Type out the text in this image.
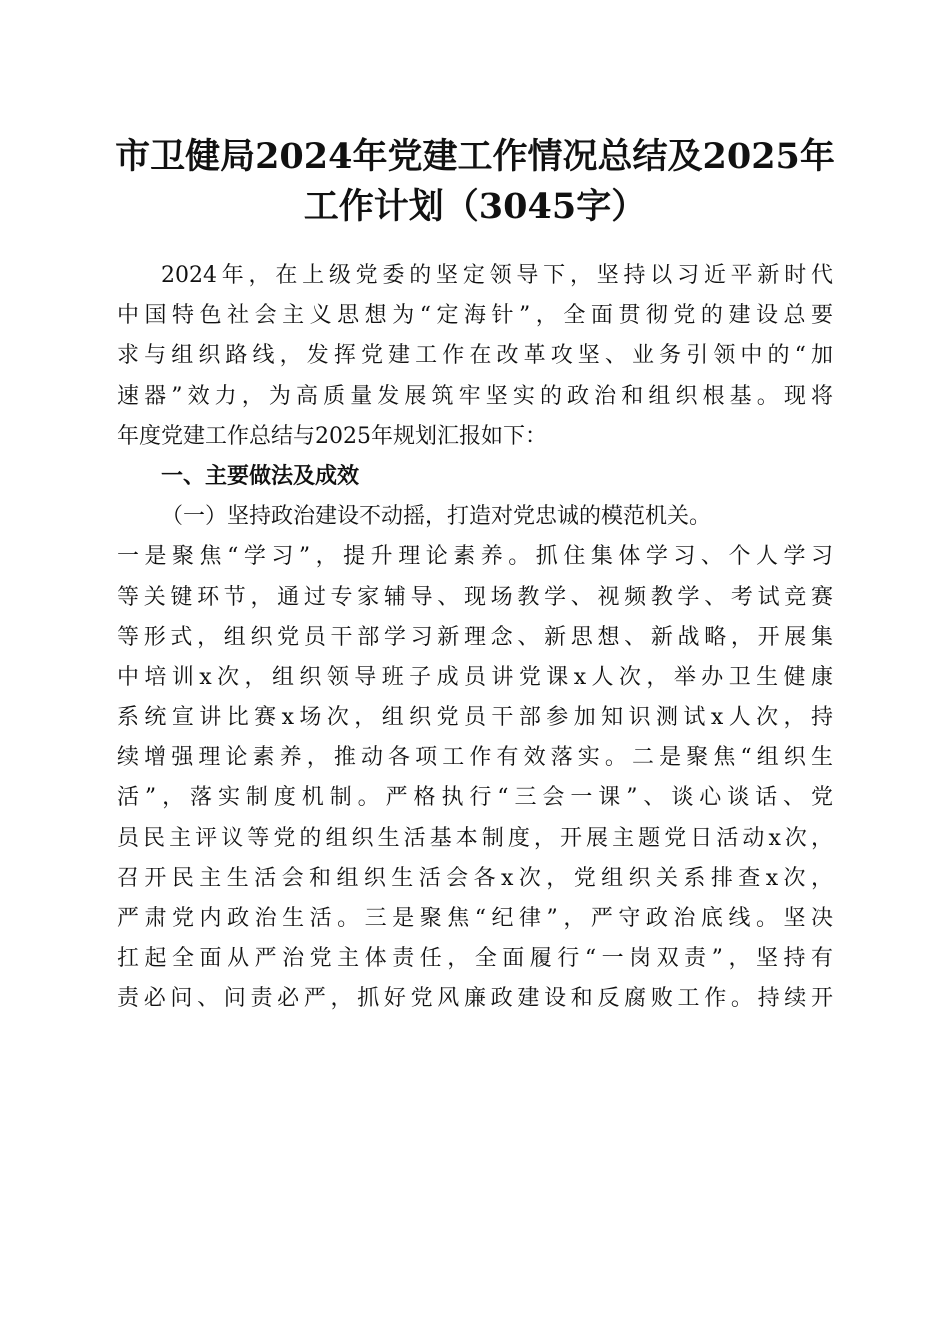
市卫健局2024年党建工作情况总结及2025年
工作计划（3045字）
2024年，在上级党委的坚定领导下，坚持以习近平新时代
中国特色社会主义思想为“定海针”，全面贯彻党的建设总要
求与组织路线，发挥党建工作在改革攻坚、业务引领中的“加
速器”效力，为高质量发展筑牢坚实的政治和组织根基。现将
年度党建工作总结与2025年规划汇报如下：
一、主要做法及成效
（一）坚持政治建设不动摇，打造对党忠诚的模范机关。
一是聚焦“学习”，提升理论素养。抓住集体学习、个人学习
等关键环节，通过专家辅导、现场教学、视频教学、考试竞赛
等形式，组织党员干部学习新理念、新思想、新战略，开展集
中培训x次，组织领导班子成员讲党课x人次，举办卫生健康
系统宣讲比赛x场次，组织党员干部参加知识测试x人次，持
续增强理论素养，推动各项工作有效落实。二是聚焦“组织生
活”，落实制度机制。严格执行“三会一课”、谈心谈话、党
员民主评议等党的组织生活基本制度，开展主题党日活动x次，
召开民主生活会和组织生活会各x次，党组织关系排查x次，
严肃党内政治生活。三是聚焦“纪律”，严守政治底线。坚决
扛起全面从严治党主体责任，全面履行“一岗双责”，坚持有
责必问、问责必严，抓好党风廉政建设和反腐败工作。持续开
